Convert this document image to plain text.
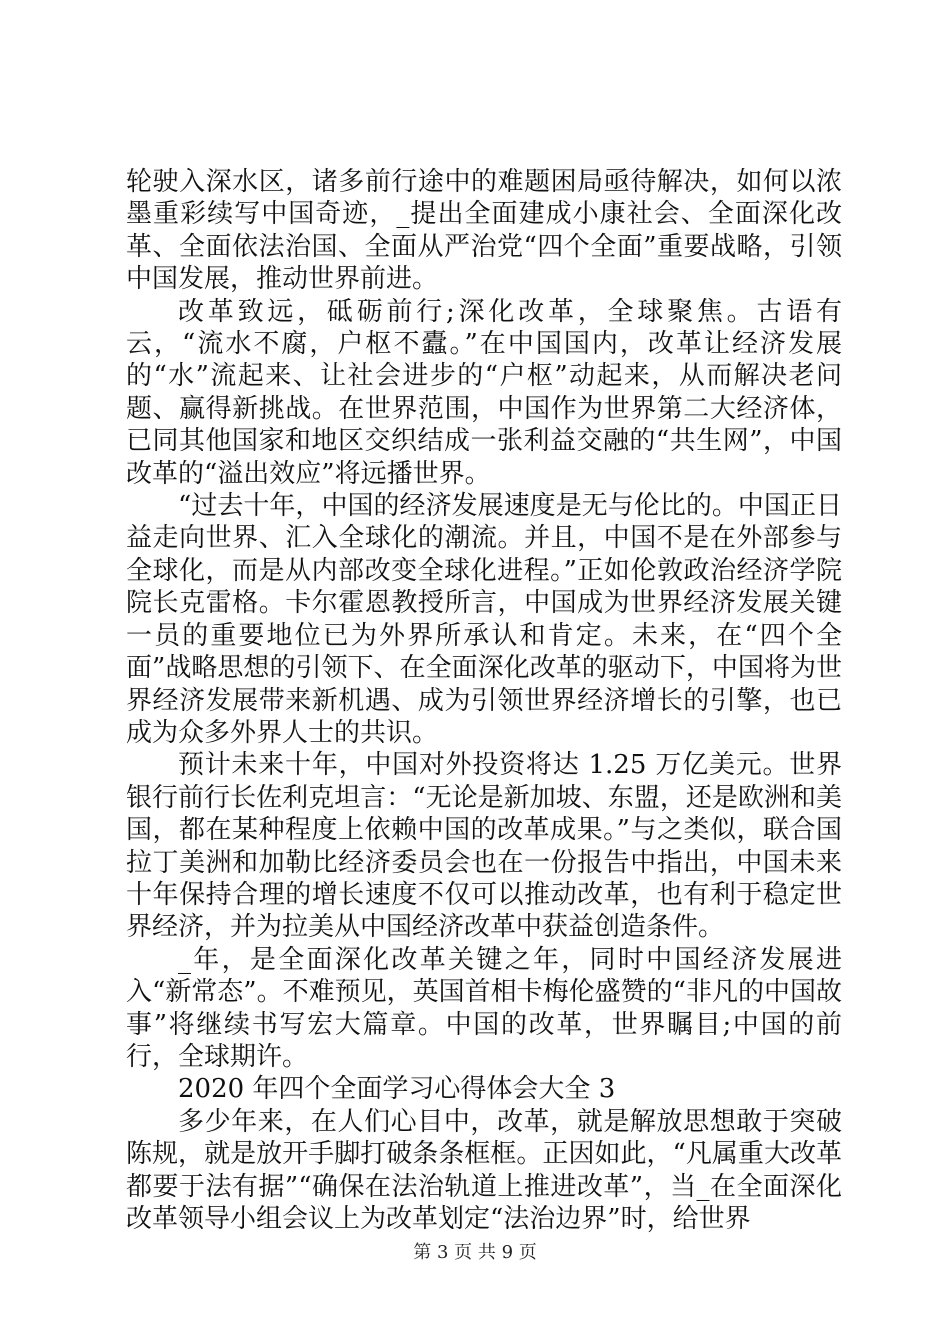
轮驶入深水区，诸多前行途中的难题困局亟待解决，如何以浓墨重彩续写中国奇迹，_提出全面建成小康社会、全面深化改革、全面依法治国、全面从严治党“四个全面”重要战略，引领中国发展，推动世界前进。

改革致远，砥砺前行;深化改革，全球聚焦。古语有云，“流水不腐，户枢不蠹。”在中国国内，改革让经济发展的“水”流起来、让社会进步的“户枢”动起来，从而解决老问题、赢得新挑战。在世界范围，中国作为世界第二大经济体，已同其他国家和地区交织结成一张利益交融的“共生网”，中国改革的“溢出效应”将远播世界。

“过去十年，中国的经济发展速度是无与伦比的。中国正日益走向世界、汇入全球化的潮流。并且，中国不是在外部参与全球化，而是从内部改变全球化进程。”正如伦敦政治经济学院院长克雷格。卡尔霍恩教授所言，中国成为世界经济发展关键一员的重要地位已为外界所承认和肯定。未来，在“四个全面”战略思想的引领下、在全面深化改革的驱动下，中国将为世界经济发展带来新机遇、成为引领世界经济增长的引擎，也已成为众多外界人士的共识。

预计未来十年，中国对外投资将达 1.25 万亿美元。世界银行前行长佐利克坦言：“无论是新加坡、东盟，还是欧洲和美国，都在某种程度上依赖中国的改革成果。”与之类似，联合国拉丁美洲和加勒比经济委员会也在一份报告中指出，中国未来十年保持合理的增长速度不仅可以推动改革，也有利于稳定世界经济，并为拉美从中国经济改革中获益创造条件。

_年，是全面深化改革关键之年，同时中国经济发展进入“新常态”。不难预见，英国首相卡梅伦盛赞的“非凡的中国故事”将继续书写宏大篇章。中国的改革，世界瞩目;中国的前行，全球期许。

2020 年四个全面学习心得体会大全 3

多少年来，在人们心目中，改革，就是解放思想敢于突破陈规，就是放开手脚打破条条框框。正因如此，“凡属重大改革都要于法有据”“确保在法治轨道上推进改革”，当_在全面深化改革领导小组会议上为改革划定“法治边界”时，给世界

第 3 页 共 9 页
